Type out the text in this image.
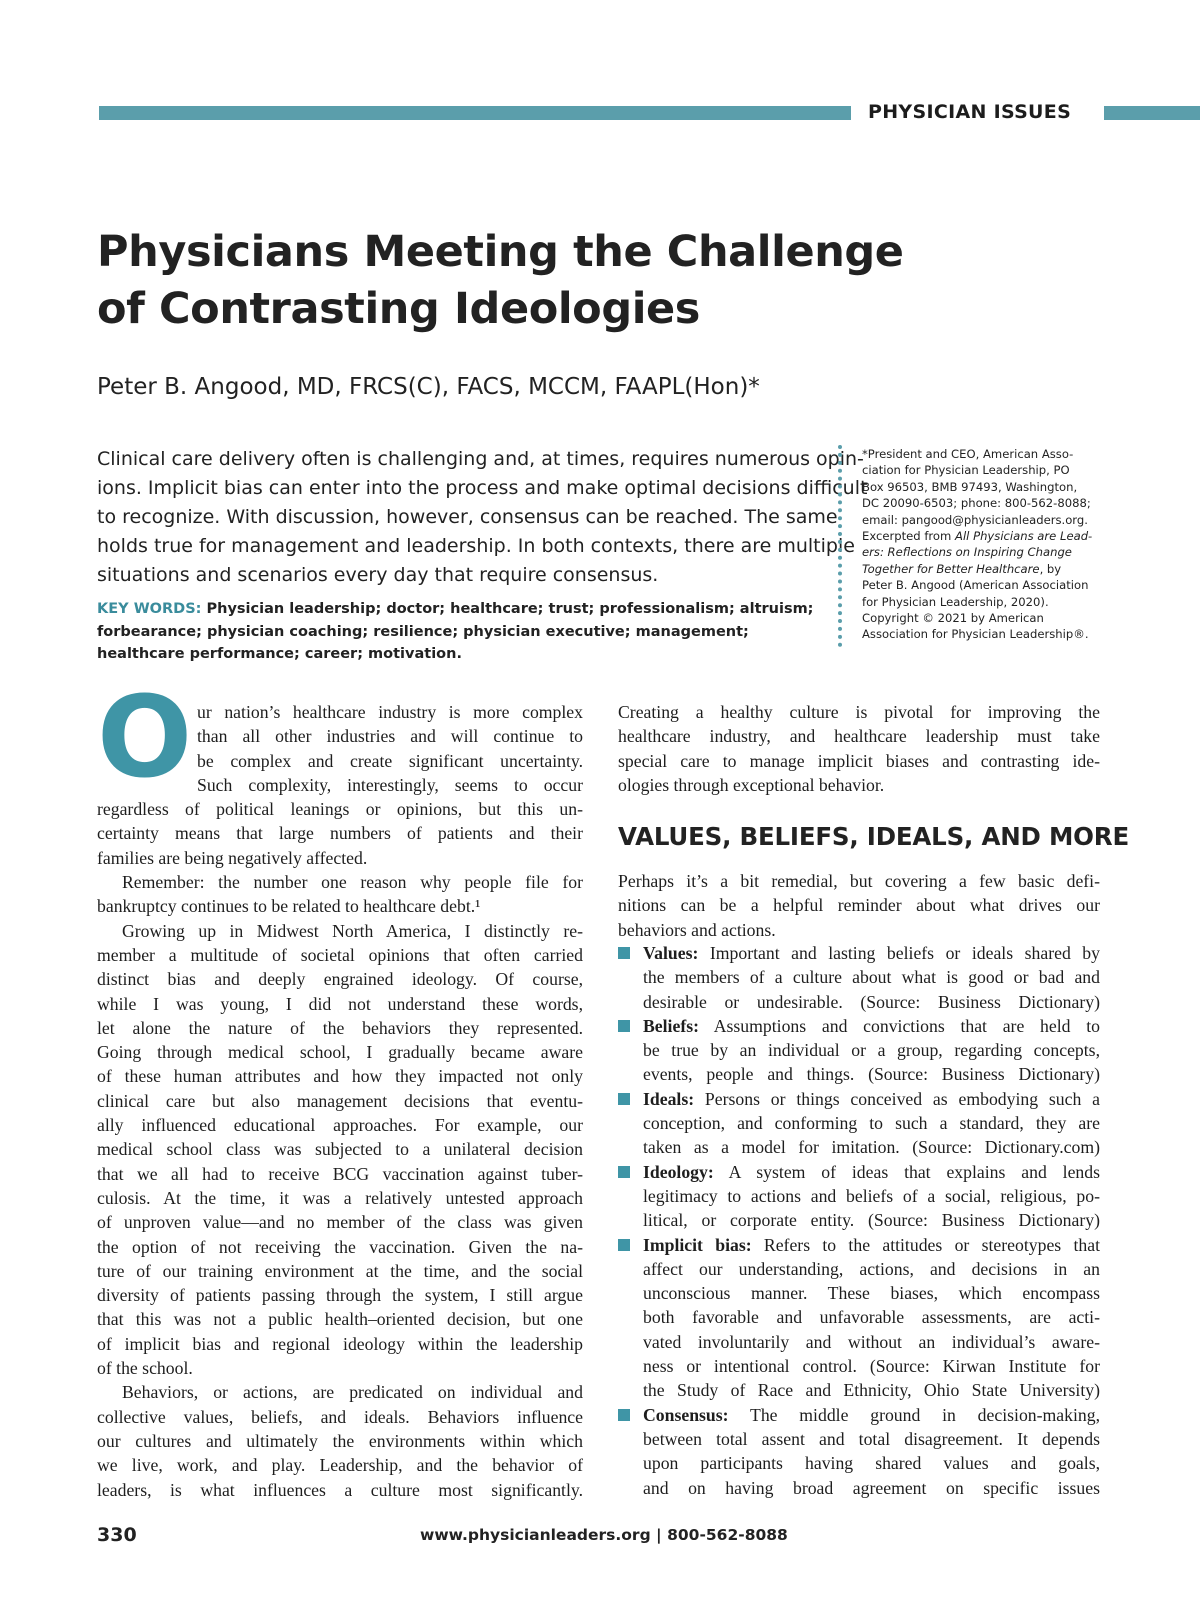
PHYSICIAN ISSUES
Physicians Meeting the Challenge
of Contrasting Ideologies
Peter B. Angood, MD, FRCS(C), FACS, MCCM, FAAPL(Hon)*
Clinical care delivery often is challenging and, at times, requires numerous opin-
ions. Implicit bias can enter into the process and make optimal decisions difficult
to recognize. With discussion, however, consensus can be reached. The same
holds true for management and leadership. In both contexts, there are multiple
situations and scenarios every day that require consensus.
KEY WORDS: Physician leadership; doctor; healthcare; trust; professionalism; altruism;
forbearance; physician coaching; resilience; physician executive; management;
healthcare performance; career; motivation.
*President and CEO, American Asso-
ciation for Physician Leadership, PO
Box 96503, BMB 97493, Washington,
DC 20090-6503; phone: 800-562-8088;
email: pangood@physicianleaders.org.
Excerpted from All Physicians are Lead-
ers: Reflections on Inspiring Change
Together for Better Healthcare, by
Peter B. Angood (American Association
for Physician Leadership, 2020).
Copyright © 2021 by American
Association for Physician Leadership®.
O ur nation’s healthcare industry is more complex
than all other industries and will continue to
be complex and create significant uncertainty.
Such complexity, interestingly, seems to occur
regardless of political leanings or opinions, but this un-
certainty means that large numbers of patients and their
families are being negatively affected.
Remember: the number one reason why people file for
bankruptcy continues to be related to healthcare debt.¹
Growing up in Midwest North America, I distinctly re-
member a multitude of societal opinions that often carried
distinct bias and deeply engrained ideology. Of course,
while I was young, I did not understand these words,
let alone the nature of the behaviors they represented.
Going through medical school, I gradually became aware
of these human attributes and how they impacted not only
clinical care but also management decisions that eventu-
ally influenced educational approaches. For example, our
medical school class was subjected to a unilateral decision
that we all had to receive BCG vaccination against tuber-
culosis. At the time, it was a relatively untested approach
of unproven value—and no member of the class was given
the option of not receiving the vaccination. Given the na-
ture of our training environment at the time, and the social
diversity of patients passing through the system, I still argue
that this was not a public health–oriented decision, but one
of implicit bias and regional ideology within the leadership
of the school.
Behaviors, or actions, are predicated on individual and
collective values, beliefs, and ideals. Behaviors influence
our cultures and ultimately the environments within which
we live, work, and play. Leadership, and the behavior of
leaders, is what influences a culture most significantly.
Creating a healthy culture is pivotal for improving the
healthcare industry, and healthcare leadership must take
special care to manage implicit biases and contrasting ide-
ologies through exceptional behavior.
VALUES, BELIEFS, IDEALS, AND MORE
Perhaps it’s a bit remedial, but covering a few basic defi-
nitions can be a helpful reminder about what drives our
behaviors and actions.
Values: Important and lasting beliefs or ideals shared by
the members of a culture about what is good or bad and
desirable or undesirable. (Source: Business Dictionary)
Beliefs: Assumptions and convictions that are held to
be true by an individual or a group, regarding concepts,
events, people and things. (Source: Business Dictionary)
Ideals: Persons or things conceived as embodying such a
conception, and conforming to such a standard, they are
taken as a model for imitation. (Source: Dictionary.com)
Ideology: A system of ideas that explains and lends
legitimacy to actions and beliefs of a social, religious, po-
litical, or corporate entity. (Source: Business Dictionary)
Implicit bias: Refers to the attitudes or stereotypes that
affect our understanding, actions, and decisions in an
unconscious manner. These biases, which encompass
both favorable and unfavorable assessments, are acti-
vated involuntarily and without an individual’s aware-
ness or intentional control. (Source: Kirwan Institute for
the Study of Race and Ethnicity, Ohio State University)
Consensus: The middle ground in decision-making,
between total assent and total disagreement. It depends
upon participants having shared values and goals,
and on having broad agreement on specific issues
330	www.physicianleaders.org | 800-562-8088
